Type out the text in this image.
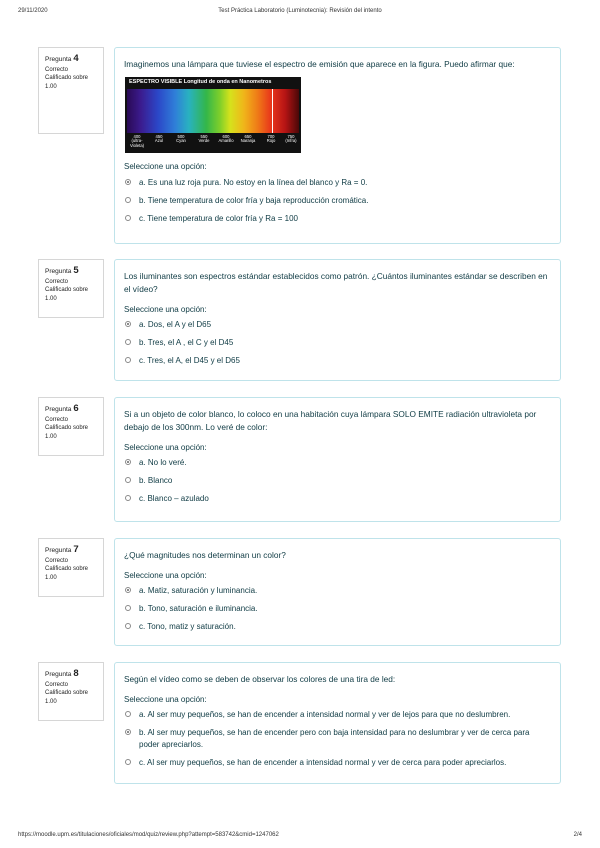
29/11/2020	Test Práctica Laboratorio (Luminotecnia): Revisión del intento
Pregunta 4
Correcto
Calificado sobre
1.00
Imaginemos una lámpara que tuviese el espectro de emisión que aparece en la figura. Puedo afirmar que:
ESPECTRO VISIBLE Longitud de onda en Nanometros
400
(ultra-Violeta)
450
Azul
500
Cyan
550
Verde
600
Amarillo
650
Naranja
700
Rojo
750
(Infra)
Seleccione una opción:
a. Es una luz roja pura. No estoy en la línea del blanco y Ra = 0.
b. Tiene temperatura de color fría y baja reproducción cromática.
c. Tiene temperatura de color fría y Ra = 100
Pregunta 5
Correcto
Calificado sobre
1.00
Los iluminantes son espectros estándar establecidos como patrón. ¿Cuántos iluminantes estándar se describen en el vídeo?
Seleccione una opción:
a. Dos, el A y el D65
b. Tres, el A , el C y el D45
c. Tres, el A, el D45 y el D65
Pregunta 6
Correcto
Calificado sobre
1.00
Si a un objeto de color blanco, lo coloco en una habitación cuya lámpara SOLO EMITE radiación ultravioleta por debajo de los 300nm. Lo veré de color:
Seleccione una opción:
a. No lo veré.
b. Blanco
c. Blanco – azulado
Pregunta 7
Correcto
Calificado sobre
1.00
¿Qué magnitudes nos determinan un color?
Seleccione una opción:
a. Matiz, saturación y luminancia.
b. Tono, saturación e iluminancia.
c. Tono, matiz y saturación.
Pregunta 8
Correcto
Calificado sobre
1.00
Según el vídeo como se deben de observar los colores de una tira de led:
Seleccione una opción:
a. Al ser muy pequeños, se han de encender a intensidad normal y ver de lejos para que no deslumbren.
b. Al ser muy pequeños, se han de encender pero con baja intensidad para no deslumbrar y ver de cerca para poder apreciarlos.
c. Al ser muy pequeños, se han de encender a intensidad normal y ver de cerca para poder apreciarlos.
https://moodle.upm.es/titulaciones/oficiales/mod/quiz/review.php?attempt=583742&cmid=1247062	2/4
